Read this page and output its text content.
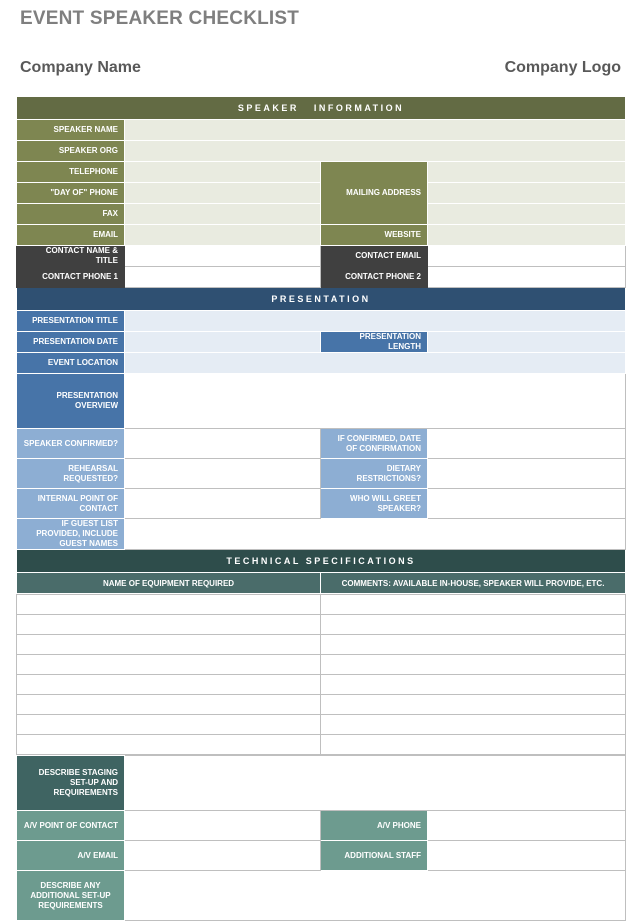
EVENT SPEAKER CHECKLIST
Company Name	Company Logo
SPEAKER   INFORMATION			
SPEAKER NAME			
SPEAKER ORG			
TELEPHONE		MAILING ADDRESS	
"DAY OF" PHONE			
FAX			
EMAIL		WEBSITE	
CONTACT NAME & TITLE		CONTACT EMAIL	
CONTACT PHONE 1		CONTACT PHONE 2	
PRESENTATION			
PRESENTATION TITLE			
PRESENTATION DATE		PRESENTATION LENGTH	
EVENT LOCATION			
PRESENTATION OVERVIEW			
SPEAKER CONFIRMED?		IF CONFIRMED, DATE OF CONFIRMATION	
REHEARSAL REQUESTED?		DIETARY RESTRICTIONS?	
INTERNAL POINT OF CONTACT		WHO WILL GREET SPEAKER?	
IF GUEST LIST PROVIDED, INCLUDE GUEST NAMES			
TECHNICAL SPECIFICATIONS			
NAME OF EQUIPMENT REQUIRED		COMMENTS: AVAILABLE IN-HOUSE, SPEAKER WILL PROVIDE, ETC.	

DESCRIBE STAGING SET-UP AND REQUIREMENTS			
A/V POINT OF CONTACT		A/V PHONE	
A/V EMAIL		ADDITIONAL STAFF	
DESCRIBE ANY ADDITIONAL SET-UP REQUIREMENTS			
